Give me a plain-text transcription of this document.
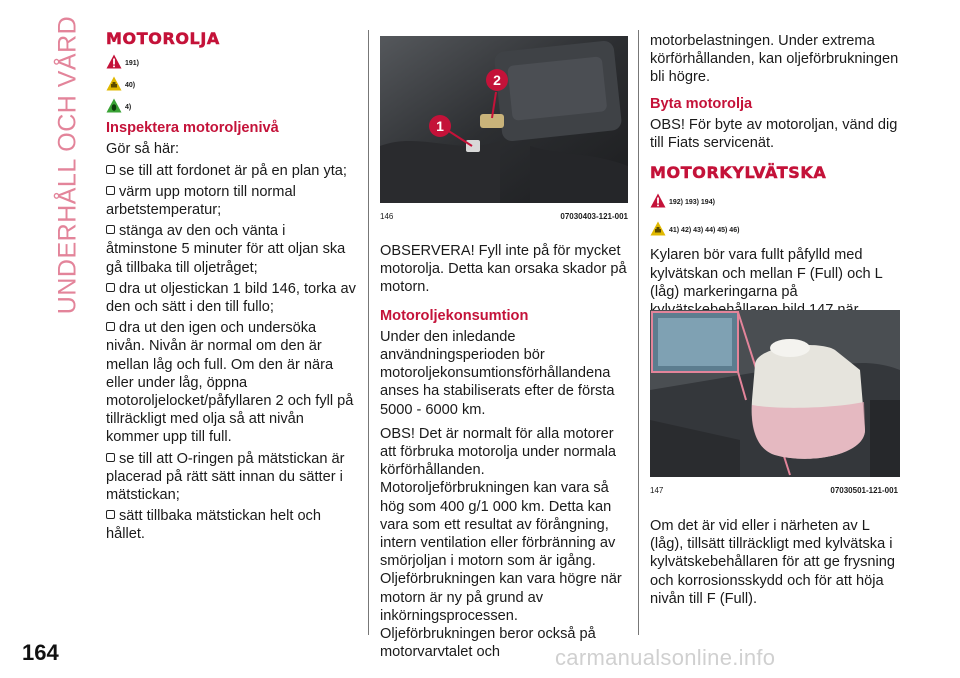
UNDERHÅLL OCH VÅRD
164
MOTOROLJA
191)
40)
4)

Inspektera motoroljenivå

Gör så här:

se till att fordonet är på en plan yta;

värm upp motorn till normal arbetstemperatur;

stänga av den och vänta i åtminstone 5 minuter för att oljan ska gå tillbaka till oljetråget;

dra ut oljestickan 1 bild 146, torka av den och sätt i den till fullo;

dra ut den igen och undersöka nivån. Nivån är normal om den är mellan låg och full. Om den är nära eller under låg, öppna motoroljelocket/påfyllaren 2 och fyll på tillräckligt med olja så att nivån kommer upp till full.

se till att O-ringen på mätstickan är placerad på rätt sätt innan du sätter i mätstickan;

sätt tillbaka mätstickan helt och hållet.

1
2
146	07030403-121-001

OBSERVERA! Fyll inte på för mycket motorolja. Detta kan orsaka skador på motorn.

Motoroljekonsumtion

Under den inledande användningsperioden bör motoroljekonsumtionsförhållandena anses ha stabiliserats efter de första 5000 - 6000 km.

OBS! Det är normalt för alla motorer att förbruka motorolja under normala körförhållanden. Motoroljeförbrukningen kan vara så hög som 400 g/1 000 km. Detta kan vara som ett resultat av förångning, intern ventilation eller förbränning av smörjoljan i motorn som är igång. Oljeförbrukningen kan vara högre när motorn är ny på grund av inkörningsprocessen. Oljeförbrukningen beror också på motorvarvtalet och

motorbelastningen. Under extrema körförhållanden, kan oljeförbrukningen bli högre.

Byta motorolja

OBS! För byte av motoroljan, vänd dig till Fiats servicenät.

MOTORKYLVÄTSKA
192) 193) 194)
41) 42) 43) 44) 45) 46)

Kylaren bör vara fullt påfylld med kylvätskan och mellan F (Full) och L (låg) markeringarna på

147	07030501-121-001

Om det är vid eller i närheten av L (låg), tillsätt tillräckligt med kylvätska i kylvätskebehållaren för att ge frysning och korrosionsskydd och för att höja nivån till F (Full).

carmanualsonline.info
